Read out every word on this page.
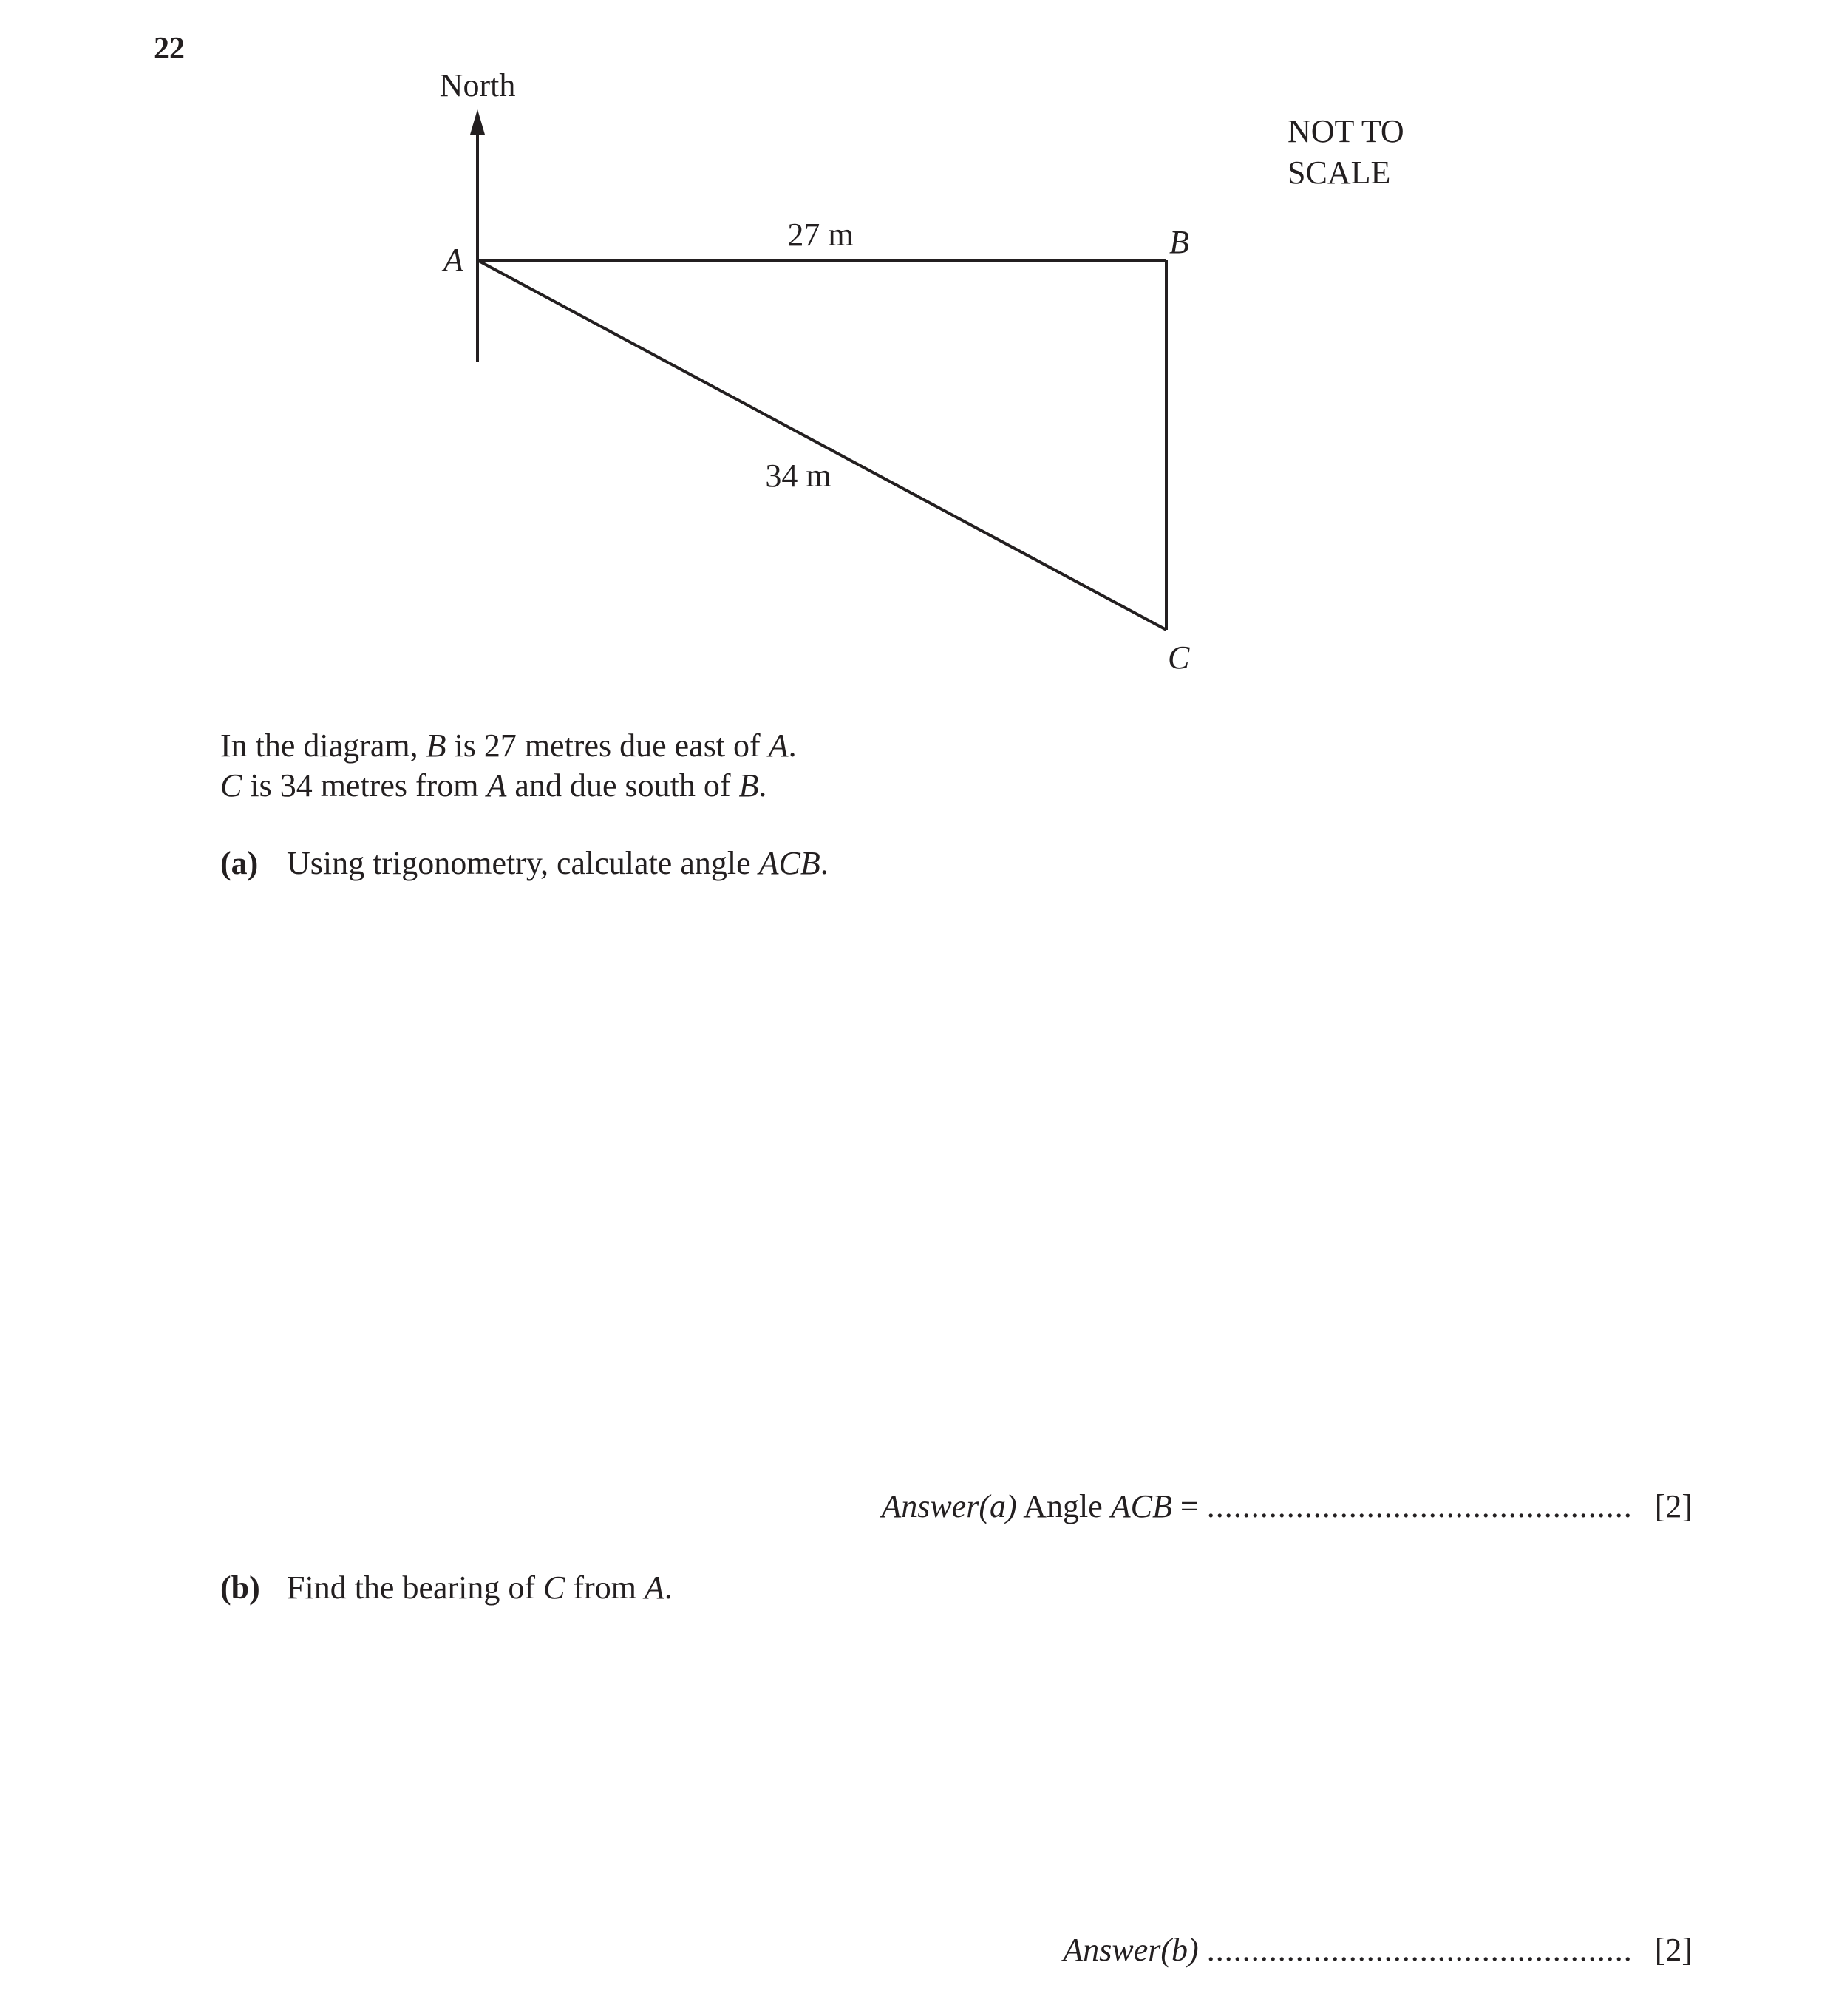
22
North
A	B
C
27 m
34 m
NOT TO
SCALE
In the diagram, B is 27 metres due east of A.
C is 34 metres from A and due south of B.
(a) Using trigonometry, calculate angle ACB.
Answer(a) Angle ACB = ................................................ [2]
(b) Find the bearing of C from A.
Answer(b) ................................................ [2]
